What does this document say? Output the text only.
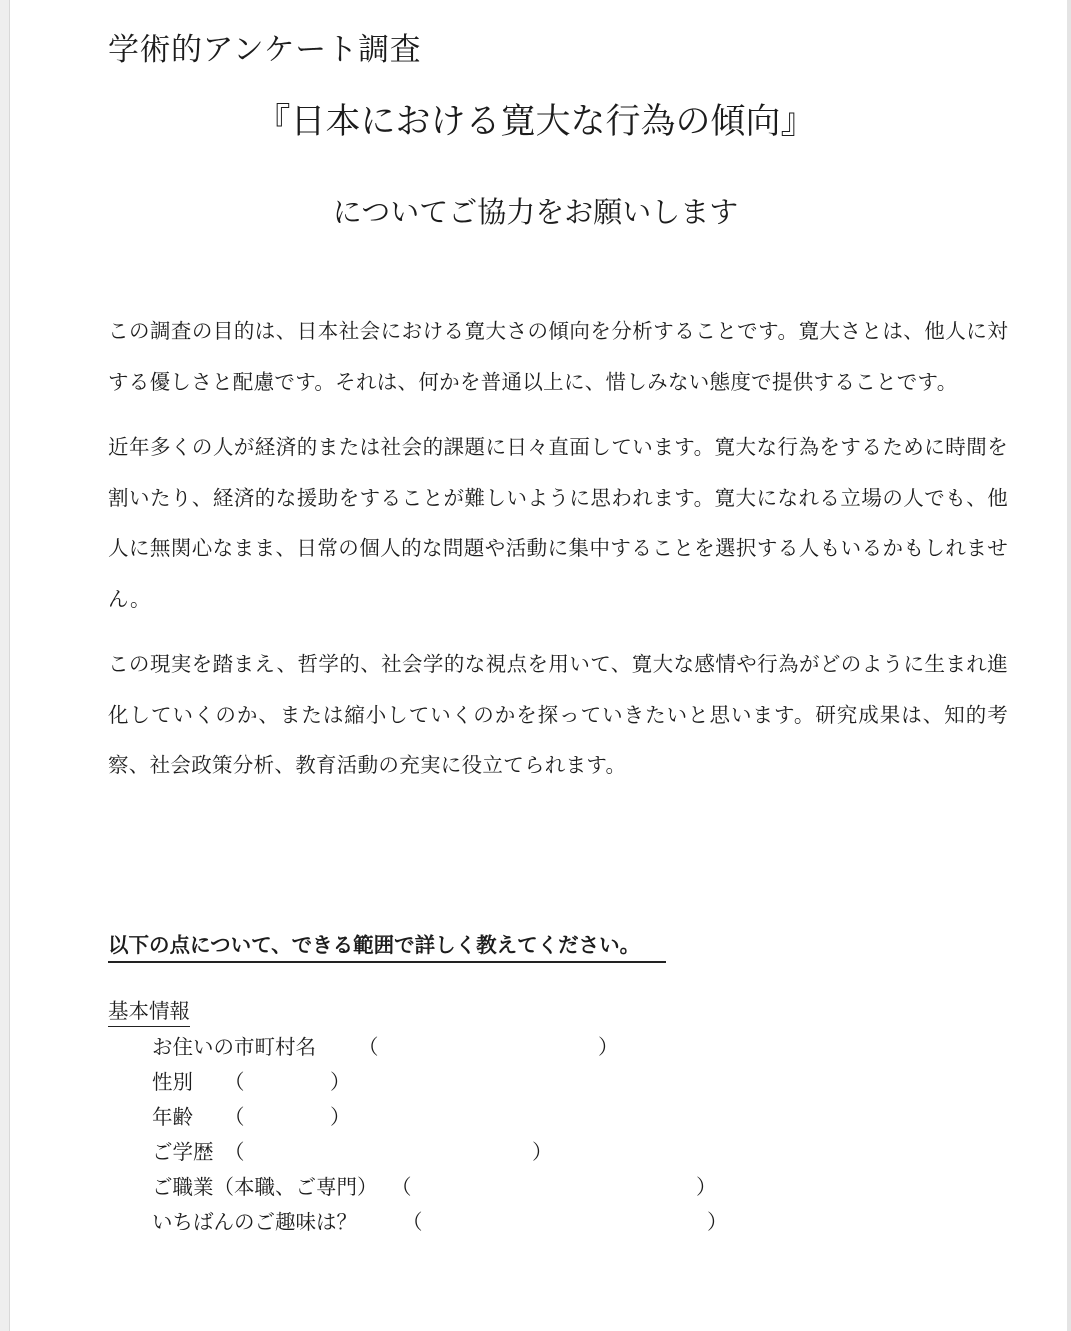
学術的アンケート調査
『日本における寛大な行為の傾向』
についてご協力をお願いします

この調査の目的は、日本社会における寛大さの傾向を分析することです。寛大さとは、他人に対する優しさと配慮です。それは、何かを普通以上に、惜しみない態度で提供することです。

近年多くの人が経済的または社会的課題に日々直面しています。寛大な行為をするために時間を割いたり、経済的な援助をすることが難しいように思われます。寛大になれる立場の人でも、他人に無関心なまま、日常の個人的な問題や活動に集中することを選択する人もいるかもしれません。

この現実を踏まえ、哲学的、社会学的な視点を用いて、寛大な感情や行為がどのように生まれ進化していくのか、または縮小していくのかを探っていきたいと思います。研究成果は、知的考察、社会政策分析、教育活動の充実に役立てられます。

以下の点について、できる範囲で詳しく教えてください。
基本情報
お住いの市町村名 （	）
性別 （	）
年齢 （	）
ご学歴 （	）
ご職業（本職、ご専門） （	）
いちばんのご趣味は？ （	）
